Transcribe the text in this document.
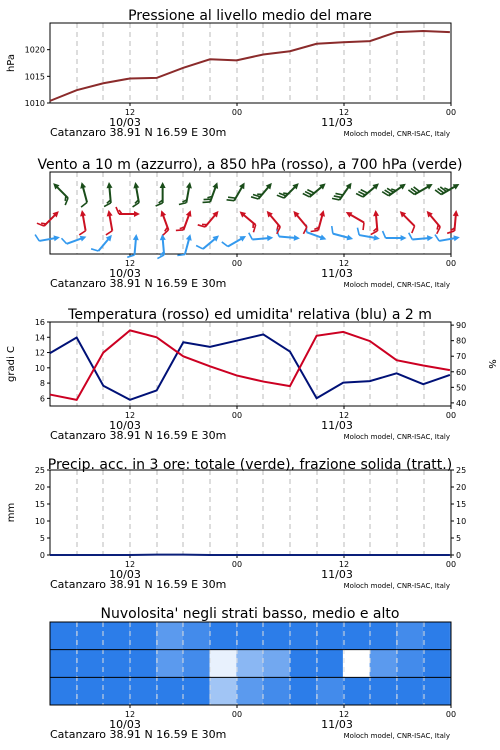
Pressione al livello medio del mare
12	00	12	00
10/03	11/03
Catanzaro 38.91 N 16.59 E 30m	Moloch model, CNR-ISAC, Italy
1010
1015
1020
hPa
Vento a 10 m (azzurro), a 850 hPa (rosso), a 700 hPa (verde)
12	00	12	00
10/03	11/03
Catanzaro 38.91 N 16.59 E 30m	Moloch model, CNR-ISAC, Italy
Temperatura (rosso) ed umidita' relativa (blu) a 2 m
12	00	12	00
10/03	11/03
Catanzaro 38.91 N 16.59 E 30m	Moloch model, CNR-ISAC, Italy
6
8
10
12
14
16
40
50
60
70
80
90
gradi C	%
Precip. acc. in 3 ore: totale (verde), frazione solida (tratt.)
12	00	12	00
10/03	11/03
Catanzaro 38.91 N 16.59 E 30m	Moloch model, CNR-ISAC, Italy
0	0
5	5
10	10
15	15
20	20
25	25
mm
Nuvolosita' negli strati basso, medio e alto
12	00	12	00
10/03	11/03
Catanzaro 38.91 N 16.59 E 30m	Moloch model, CNR-ISAC, Italy
